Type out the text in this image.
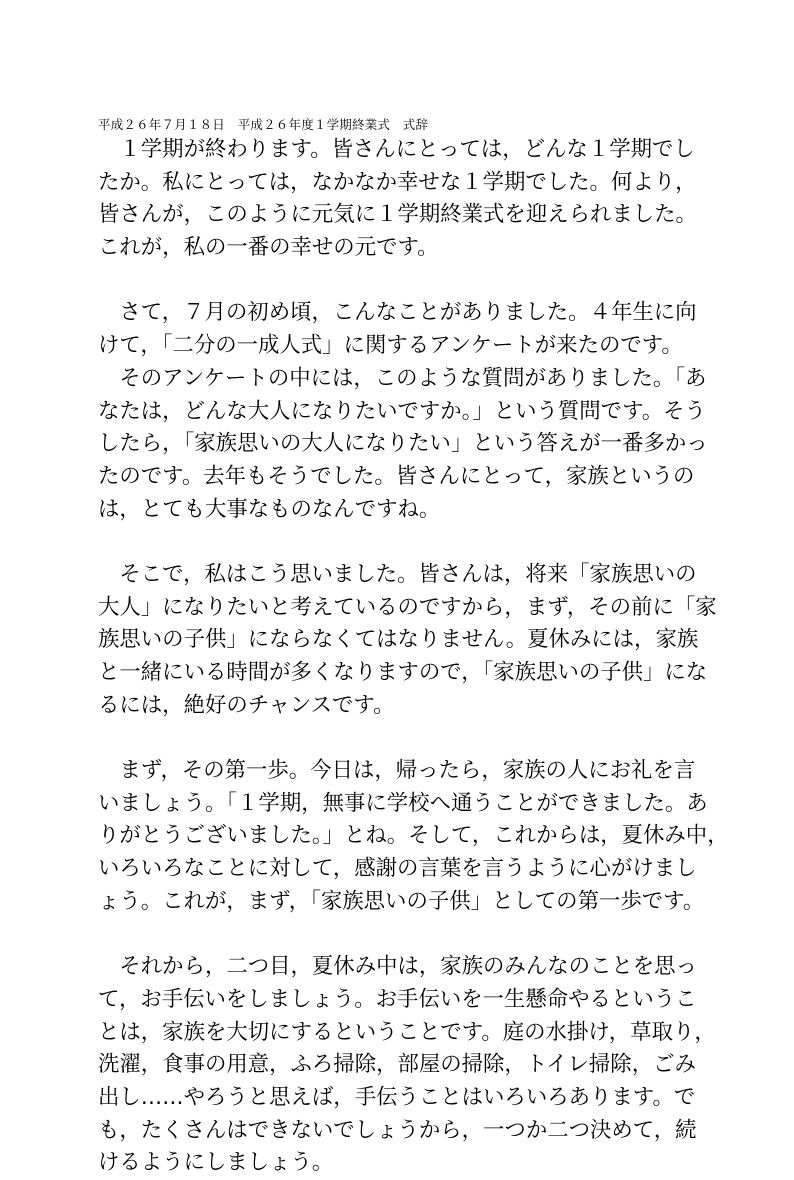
平成２６年７月１８日　平成２６年度１学期終業式　式辞
　１学期が終わります。皆さんにとっては，どんな１学期でし
たか。私にとっては，なかなか幸せな１学期でした。何より，
皆さんが，このように元気に１学期終業式を迎えられました。
これが，私の一番の幸せの元です。
　さて，７月の初め頃，こんなことがありました。４年生に向
けて，「二分の一成人式」に関するアンケートが来たのです。
　そのアンケートの中には，このような質問がありました。「あ
なたは，どんな大人になりたいですか。」という質問です。そう
したら，「家族思いの大人になりたい」という答えが一番多かっ
たのです。去年もそうでした。皆さんにとって，家族というの
は，とても大事なものなんですね。
　そこで，私はこう思いました。皆さんは，将来「家族思いの
大人」になりたいと考えているのですから，まず，その前に「家
族思いの子供」にならなくてはなりません。夏休みには，家族
と一緒にいる時間が多くなりますので，「家族思いの子供」にな
るには，絶好のチャンスです。
　まず，その第一歩。今日は，帰ったら，家族の人にお礼を言
いましょう。「１学期，無事に学校へ通うことができました。あ
りがとうございました。」とね。そして，これからは，夏休み中，
いろいろなことに対して，感謝の言葉を言うように心がけまし
ょう。これが，まず，「家族思いの子供」としての第一歩です。
　それから，二つ目，夏休み中は，家族のみんなのことを思っ
て，お手伝いをしましょう。お手伝いを一生懸命やるというこ
とは，家族を大切にするということです。庭の水掛け，草取り，
洗濯，食事の用意，ふろ掃除，部屋の掃除，トイレ掃除，ごみ
出し……やろうと思えば，手伝うことはいろいろあります。で
も，たくさんはできないでしょうから，一つか二つ決めて，続
けるようにしましょう。
